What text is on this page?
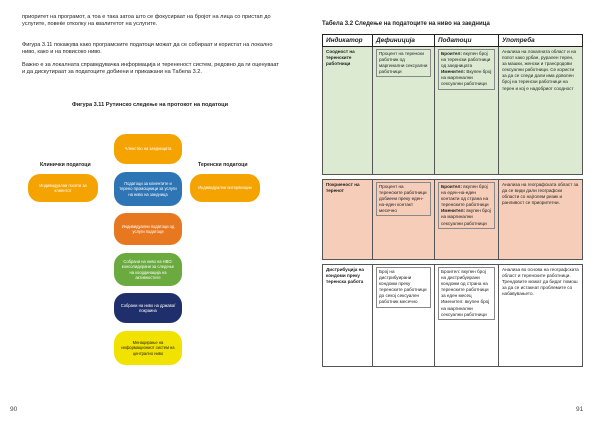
приоритет на програмот, а тоа е така затоа што се фокусираат на бројот на лица со пристап до услугите, повеќе отколку на квалитетот на услугите.

Фигура 3.11 покажува како програмските податоци можат да се собираат и користат на локално ниво, како и на повисоко ниво.

Важно е за локалната справедувачка информација и терененост систем, редовно да ги оценуваат и да дискутираат за податоците добиени и прикажани на Табела 3.2.

Фигура 3.11 Рутинско следење на протокот на податоци
Клинички податоци	Теренски податоци
Индивидуални посети за клиентот
Индивидуални интервенции
Членство на заедницата
Податоци за клиентите и терено промощници за услуги на ниво на заедница
Индивидуални податоци од услуги податоци
Собрани на ниво на НВО: консолидирани за следење на координација на активностите
Собрани на ниво на држава/покраина
Менаџирање на информациониот систем на централно ниво
90
Табела 3.2 Следење на податоците на ниво на заедница
Индикатор	Дефиниција	Податоци	Употреба
Соодност на теренските работници	Процент на теренски работник од маргинални сексуални работници	Броител: вкупен број на теренски работници од заедницата
Именител: Вкупен број на маргинални сексуални работници	Анализа на локалната област и на попот како урбан, рурален терен, за машки, женски и трансродови сексуални работници. Се користи за да се следи дали има доволен број на теренски работници на терен и кој е надобриот соодност

Покриеност на теренот	Процент на теренските работници добиени преку еден-на-еден контакт месечно	Броител: вкупен број на еден-на-еден контакти од страна на теренските работници
Именител: вкупен број на маргинални сексуални работници	Анализа на географската област за да се види дали географски области со најголем ризик и ранливост се приоритетни.

Дистрибуција на кондоми преку теренска работа	Број на дистрибуирани кондоми преку теренските работници до секој сексуален работник месечно	Броител: вкупен број на дистрибуирани кондоми од страна на теренските работници за еден месец
Именител: вкупен број на маргинални сексуални работници	Анализа во основа на географската област и теренските работници. Трендовите можат да бидат помош за да се истакнат проблемите со набавувањето.
91
